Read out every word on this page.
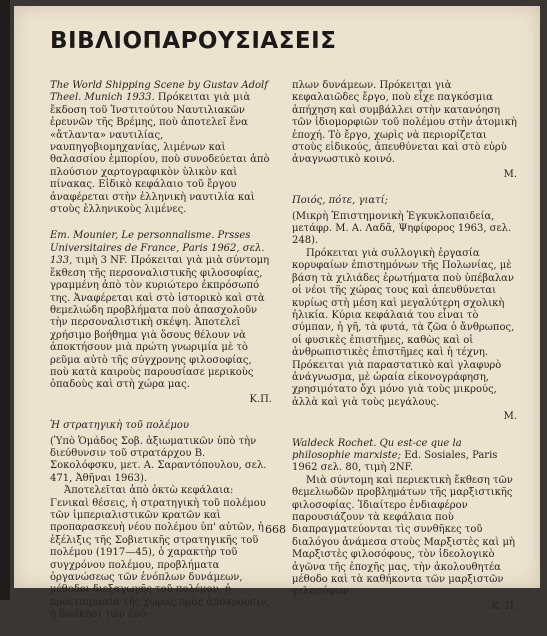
ΒΙΒΛΙΟΠΑΡΟΥΣΙΑΣΕΙΣ
The World Shipping Scene by Gustav Adolf Theel. Munich 1933. Πρόκειται γιὰ μιὰ ἔκδοση τοῦ Ἰνστιτούτου Ναυτιλιακῶν ἐρευνῶν τῆς Βρέμης, ποὺ ἀποτελεῖ ἕνα «ἄτλαντα» ναυτιλίας, ναυπηγοβιομηχανίας, λιμένων καὶ θαλασσίου ἐμπορίου, ποὺ συνοδεύεται ἀπὸ πλούσιον χαρτογραφικὸν ὑλικὸν καὶ πίνακας. Εἰδικὸ κεφάλαιο τοῦ ἔργου ἀναφέρεται στὴν ἑλληνικὴ ναυτιλία καὶ στοὺς ἑλληνικοὺς λιμένες.
Em. Mounier, Le personnalisme. Prsses Universitaires de France, Paris 1962, σελ. 133, τιμὴ 3 NF. Πρόκειται γιὰ μιὰ σύντομη ἔκθεση τῆς περσοναλιστικῆς φιλοσοφίας, γραμμένη ἀπὸ τὸν κυριώτερο ἐκπρόσωπό της. Ἀναφέρεται καὶ στὸ ἱστορικὸ καὶ στὰ θεμελιώδη προβλήματα ποὺ ἀπασχολοῦν τὴν περσοναλιστικὴ σκέψη. Ἀποτελεῖ χρήσιμο βοήθημα γιὰ ὅσους θέλουν νὰ ἀποκτήσουν μιὰ πρώτη γνωριμία μὲ τὸ ρεῦμα αὐτὸ τῆς σύγχρονης φιλοσοφίας, ποὺ κατὰ καιροὺς παρουσίασε μερικοὺς ὀπαδοὺς καὶ στὴ χώρα μας.
Κ.Π.
Ἡ στρατηγικὴ τοῦ πολέμου
(Ὑπὸ Ὁμάδος Σοβ. ἀξιωματικῶν ὑπὸ τὴν διεύθυνσιν τοῦ στρατάρχου Β. Σοκολόφσκυ, μετ. Α. Σαραντόπουλου, σελ. 471, Ἀθῆναι 1963).
Ἀποτελεῖται ἀπὸ ὀκτὼ κεφάλαια: Γενικαὶ θέσεις, ἡ στρατηγικὴ τοῦ πολέμου τῶν ἱμπεριαλιστικῶν κρατῶν καὶ προπαρασκευὴ νέου πολέμου ὑπ' αὐτῶν, ἡ ἐξέλιξις τῆς Σοβιετικῆς στρατηγικῆς τοῦ πολέμου (1917—45), ὁ χαρακτὴρ τοῦ συγχρόνου πολέμου, προβλήματα ὀργανώσεως τῶν ἐνόπλων δυνάμεων, μέθοδοι διεξαγωγῆς τοῦ πολέμου, ἡ προετοιμασία τῆς χώρας πρὸς ἀπόκρουσιν, ἡ διοίκησι τῶν ἐνό-
πλων δυνάμεων. Πρόκειται γιὰ κεφαλαιῶδες ἔργο, ποὺ εἶχε παγκόσμια ἀπήχηση καὶ συμβάλλει στὴν κατανόηση τῶν ἰδιομορφιῶν τοῦ πολέμου στὴν ἀτομικὴ ἐποχή. Τὸ ἔργο, χωρὶς νὰ περιορίζεται στοὺς εἰδικούς, ἀπευθύνεται καὶ στὸ εὐρὺ ἀναγνωστικὸ κοινό.
Μ.
Ποιός, πότε, γιατί;
(Μικρὴ Ἐπιστημονικὴ Ἐγκυκλοπαιδεία, μετάφρ. Μ. Α. Λαδᾶ, Ψηφίφορος 1963, σελ. 248).
Πρόκειται γιὰ συλλογικὴ ἐργασία κορυφαίων ἐπιστημόνων τῆς Πολωνίας, μὲ βάση τὰ χιλιάδες ἐρωτήματα ποὺ ὑπέβαλαν οἱ νέοι τῆς χώρας τους καὶ ἀπευθύνεται κυρίως στὴ μέση καὶ μεγαλύτερη σχολικὴ ἡλικία. Κύρια κεφάλαιά του εἶναι τὸ σύμπαν, ἡ γῆ, τὰ φυτά, τὰ ζῶα ὁ ἄνθρωπος, οἱ φυσικὲς ἐπιστῆμες, καθὼς καὶ οἱ ἀνθρωπιστικὲς ἐπιστῆμες καὶ ἡ τέχνη. Πρόκειται γιὰ παραστατικὸ καὶ γλαφυρὸ ἀνάγνωσμα, μὲ ὡραία εἰκονογράφηση, χρησιμότατο ὄχι μόνο γιὰ τοὺς μικρούς, ἀλλὰ καὶ γιὰ τοὺς μεγάλους.
Μ.
Waldeck Rochet. Qu est-ce que la philosophie marxiste; Ed. Sosiales, Paris 1962 σελ. 80, τιμὴ 2NF.
Μιὰ σύντομη καὶ περιεκτικὴ ἔκθεση τῶν θεμελιωδῶν προβλημάτων τῆς μαρξιστικῆς φιλοσοφίας. Ἰδιαίτερο ἐνδιαφέρον παρουσιάζουν τὰ κεφάλαια ποὺ διαπραγματεύονται τὶς συνθῆκες τοῦ διαλόγου ἀνάμεσα στοὺς Μαρξιστὲς καὶ μὴ Μαρξιστὲς φιλοσόφους, τὸν ἰδεολογικὸ ἀγῶνα τῆς ἐποχῆς μας, τὴν ἀκολουθητέα μέθοδο καὶ τὰ καθήκοντα τῶν μαρξιστῶν φιλοσόφων.
Κ. Π.
668
